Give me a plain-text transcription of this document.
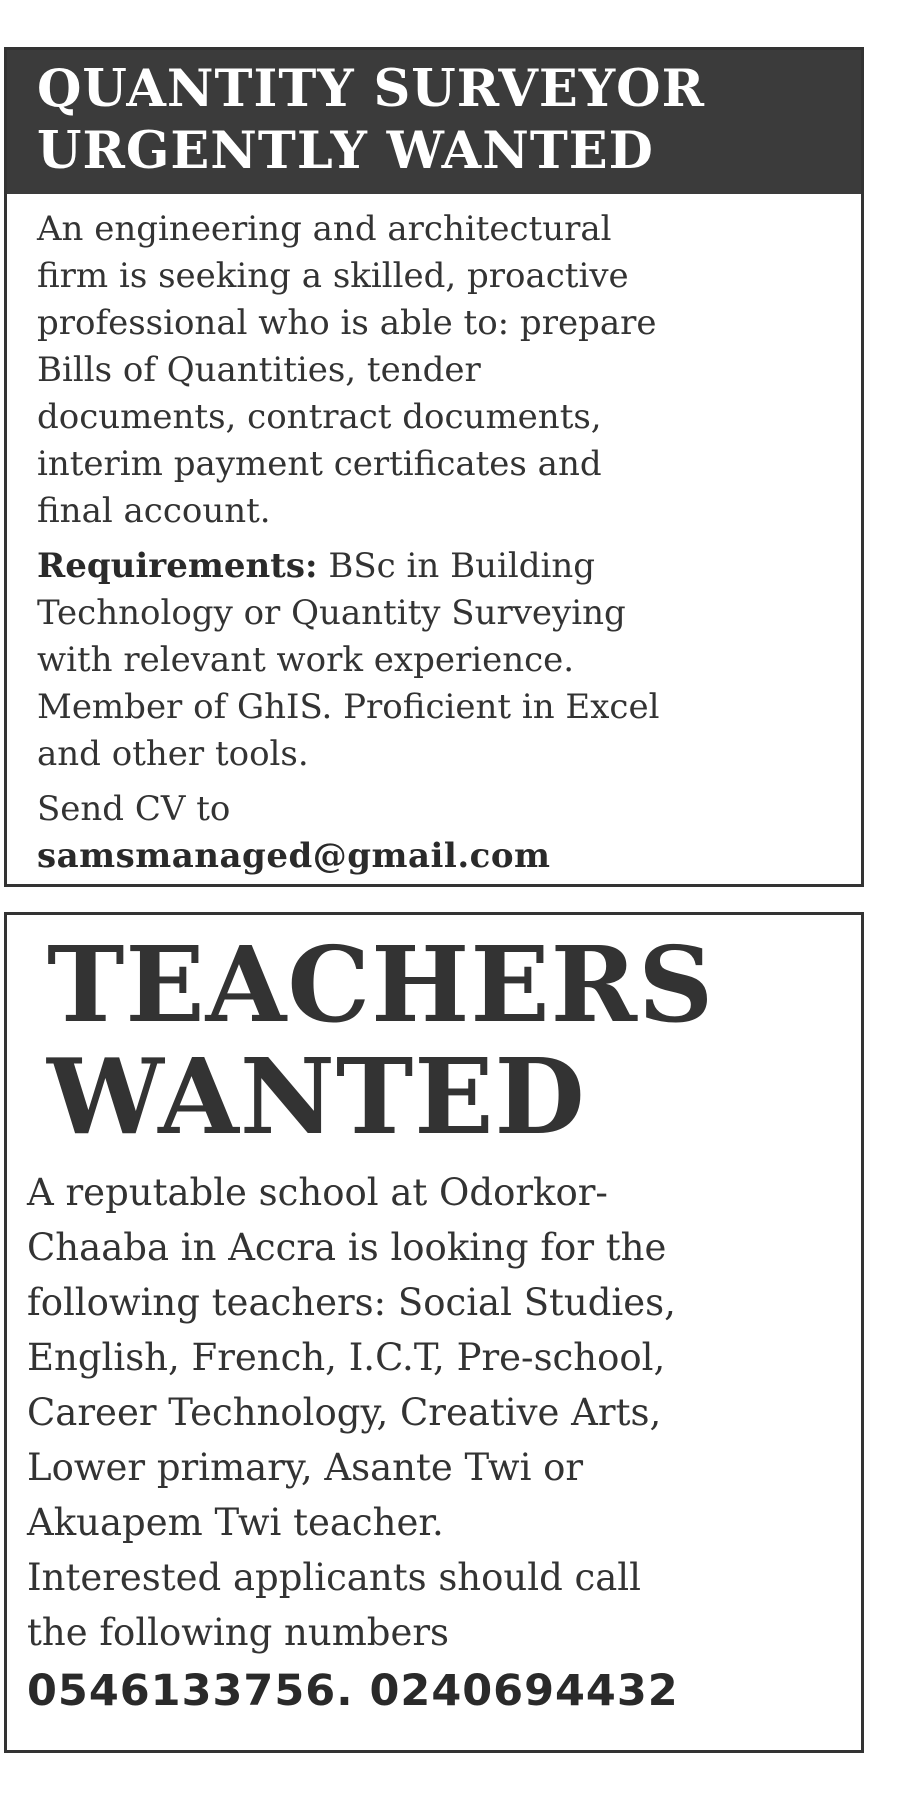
QUANTITY SURVEYOR
URGENTLY WANTED

An engineering and architectural
firm is seeking a skilled, proactive
professional who is able to: prepare
Bills of Quantities, tender
documents, contract documents,
interim payment certificates and
final account.

Requirements: BSc in Building
Technology or Quantity Surveying
with relevant work experience.
Member of GhIS. Proficient in Excel
and other tools.

Send CV to
samsmanaged@gmail.com

TEACHERS
WANTED

A reputable school at Odorkor-
Chaaba in Accra is looking for the
following teachers: Social Studies,
English, French, I.C.T, Pre-school,
Career Technology, Creative Arts,
Lower primary, Asante Twi or
Akuapem Twi teacher.
Interested applicants should call
the following numbers

0546133756. 0240694432
